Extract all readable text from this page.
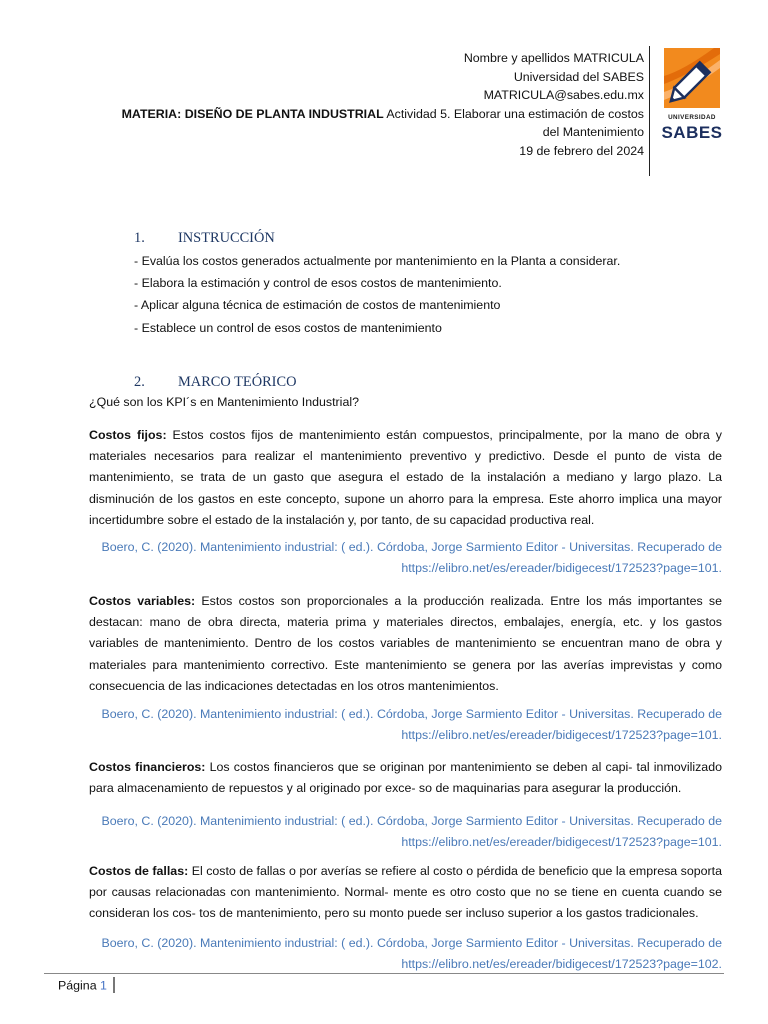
Nombre y apellidos MATRICULA
Universidad del SABES
MATRICULA@sabes.edu.mx
MATERIA: DISEÑO DE PLANTA INDUSTRIAL Actividad 5. Elaborar una estimación de costos
del Mantenimiento
19 de febrero del 2024
UNIVERSIDAD
SABES
1. INSTRUCCIÓN
- Evalúa los costos generados actualmente por mantenimiento en la Planta a considerar.
- Elabora la estimación y control de esos costos de mantenimiento.
- Aplicar alguna técnica de estimación de costos de mantenimiento
- Establece un control de esos costos de mantenimiento
2. MARCO TEÓRICO
¿Qué son los KPI´s en Mantenimiento Industrial?
Costos fijos: Estos costos fijos de mantenimiento están compuestos, principalmente, por la mano de obra y materiales necesarios para realizar el mantenimiento preventivo y predictivo. Desde el punto de vista de mantenimiento, se trata de un gasto que asegura el estado de la instalación a mediano y largo plazo. La disminución de los gastos en este concepto, supone un ahorro para la empresa. Este ahorro implica una mayor incertidumbre sobre el estado de la instalación y, por tanto, de su capacidad productiva real.
Boero, C. (2020). Mantenimiento industrial: ( ed.). Córdoba, Jorge Sarmiento Editor - Universitas. Recuperado de
https://elibro.net/es/ereader/bidigecest/172523?page=101.
Costos variables: Estos costos son proporcionales a la producción realizada. Entre los más importantes se destacan: mano de obra directa, materia prima y materiales directos, embalajes, energía, etc. y los gastos variables de mantenimiento. Dentro de los costos variables de mantenimiento se encuentran mano de obra y materiales para mantenimiento correctivo. Este mantenimiento se genera por las averías imprevistas y como consecuencia de las indicaciones detectadas en los otros mantenimientos.
Boero, C. (2020). Mantenimiento industrial: ( ed.). Córdoba, Jorge Sarmiento Editor - Universitas. Recuperado de
https://elibro.net/es/ereader/bidigecest/172523?page=101.
Costos financieros: Los costos financieros que se originan por mantenimiento se deben al capi- tal inmovilizado para almacenamiento de repuestos y al originado por exce- so de maquinarias para asegurar la producción.
Boero, C. (2020). Mantenimiento industrial: ( ed.). Córdoba, Jorge Sarmiento Editor - Universitas. Recuperado de
https://elibro.net/es/ereader/bidigecest/172523?page=101.
Costos de fallas: El costo de fallas o por averías se refiere al costo o pérdida de beneficio que la empresa soporta por causas relacionadas con mantenimiento. Normal- mente es otro costo que no se tiene en cuenta cuando se consideran los cos- tos de mantenimiento, pero su monto puede ser incluso superior a los gastos tradicionales.
Boero, C. (2020). Mantenimiento industrial: ( ed.). Córdoba, Jorge Sarmiento Editor - Universitas. Recuperado de
https://elibro.net/es/ereader/bidigecest/172523?page=102.
Página 1
